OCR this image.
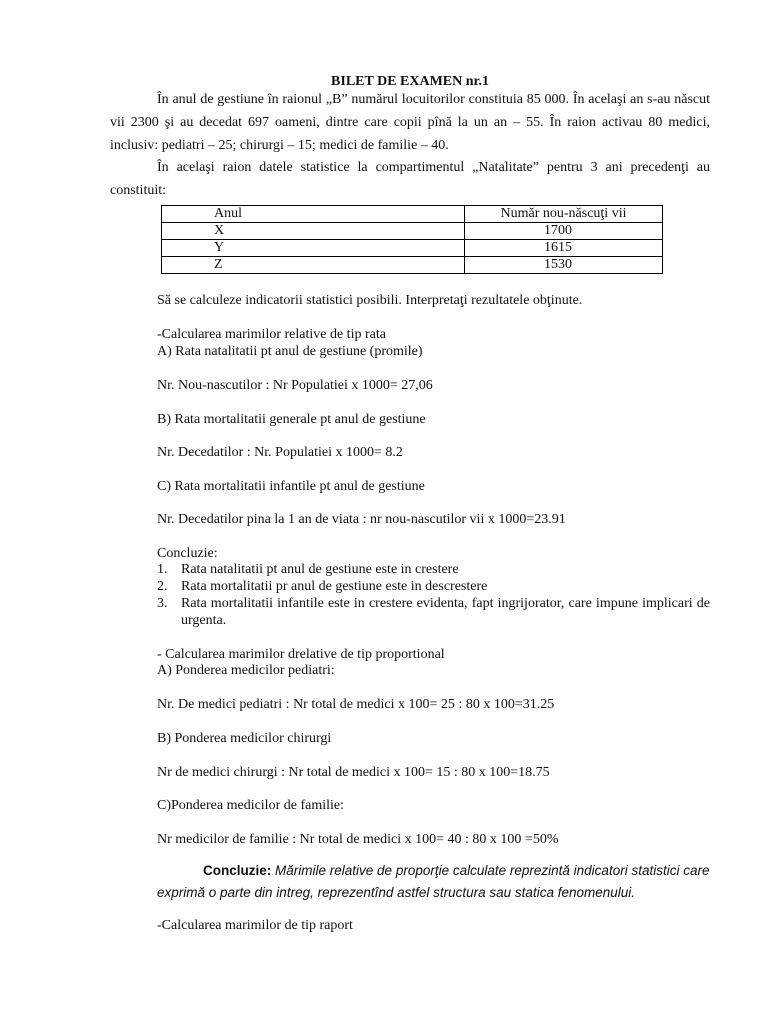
BILET DE EXAMEN nr.1
În anul de gestiune în raionul „B” numărul locuitorilor constituia 85 000. În acelaşi an s-au născut vii 2300 şi au decedat 697 oameni, dintre care copii pînă la un an – 55. În raion activau 80 medici, inclusiv: pediatri – 25; chirurgi – 15; medici de familie – 40.
În acelaşi raion datele statistice la compartimentul „Natalitate” pentru 3 ani precedenţi au constituit:
Anul	Număr nou-născuţi vii
X	1700
Y	1615
Z	1530
Să se calculeze indicatorii statistici posibili. Interpretaţi rezultatele obţinute.
-Calcularea marimilor relative de tip rata
A) Rata natalitatii pt anul de gestiune (promile)
Nr. Nou-nascutilor : Nr Populatiei x 1000= 27,06
B) Rata mortalitatii generale pt anul de gestiune
Nr. Decedatilor : Nr. Populatiei x 1000= 8.2
C) Rata mortalitatii infantile pt anul de gestiune
Nr. Decedatilor pina la 1 an de viata : nr nou-nascutilor vii x 1000=23.91
Concluzie:
1. Rata natalitatii pt anul de gestiune este in crestere
2. Rata mortalitatii pr anul de gestiune este in descrestere
3. Rata mortalitatii infantile este in crestere evidenta, fapt ingrijorator, care impune implicari de urgenta.
- Calcularea marimilor drelative de tip proportional
A) Ponderea medicilor pediatri:
Nr. De medici pediatri : Nr total de medici x 100= 25 : 80 x 100=31.25
B) Ponderea medicilor chirurgi
Nr de medici chirurgi : Nr total de medici x 100= 15 : 80 x 100=18.75
C)Ponderea medicilor de familie:
Nr medicilor de familie : Nr total de medici x 100= 40 : 80 x 100 =50%
Concluzie: Mărimile relative de proporţie calculate reprezintă indicatori statistici care exprimă o parte din intreg, reprezentînd astfel structura sau statica fenomenului.
-Calcularea marimilor de tip raport
